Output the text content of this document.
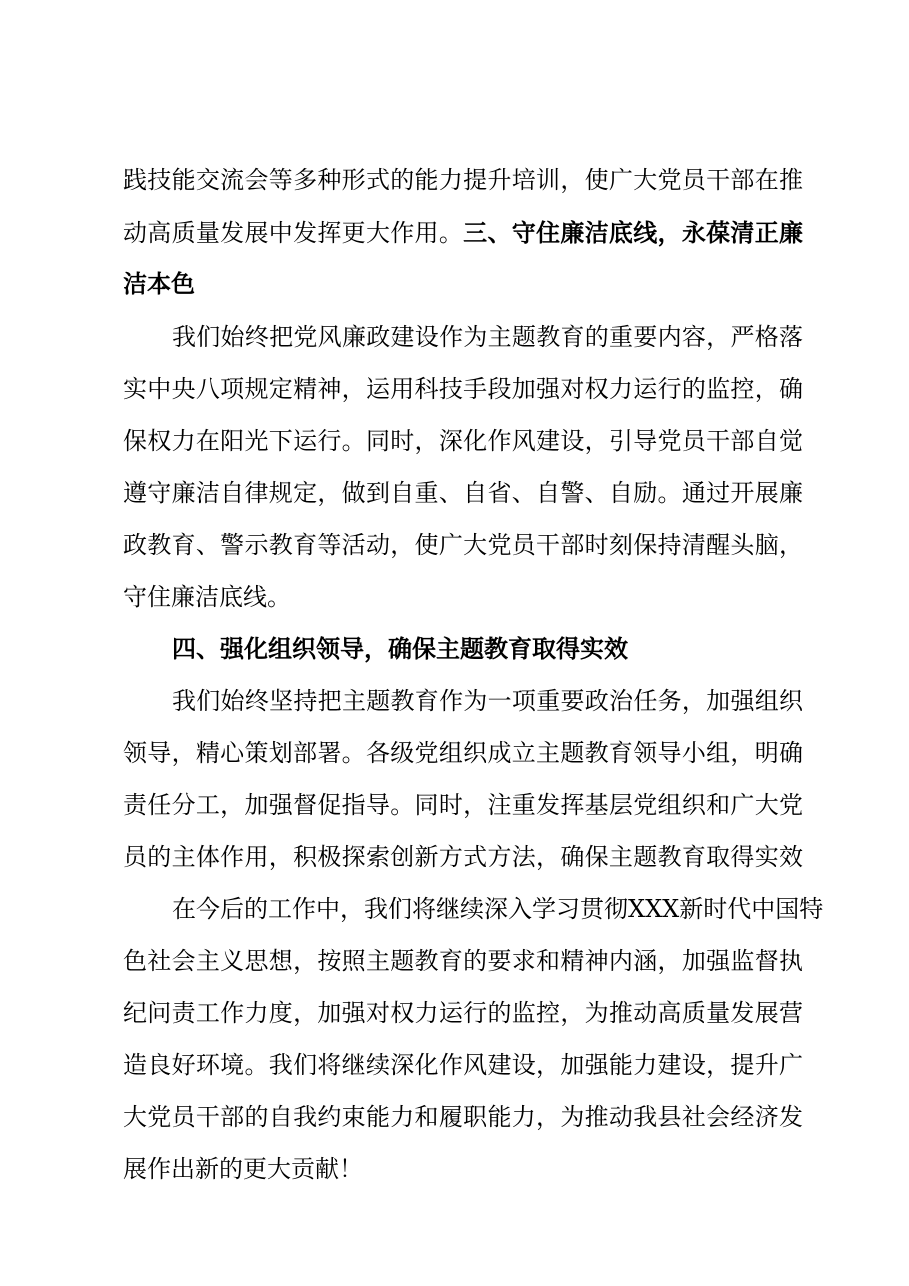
践技能交流会等多种形式的能力提升培训，使广大党员干部在推
动高质量发展中发挥更大作用。三、守住廉洁底线，永葆清正廉
洁本色
我们始终把党风廉政建设作为主题教育的重要内容，严格落
实中央八项规定精神，运用科技手段加强对权力运行的监控，确
保权力在阳光下运行。同时，深化作风建设，引导党员干部自觉
遵守廉洁自律规定，做到自重、自省、自警、自励。通过开展廉
政教育、警示教育等活动，使广大党员干部时刻保持清醒头脑，
守住廉洁底线。
四、强化组织领导，确保主题教育取得实效
我们始终坚持把主题教育作为一项重要政治任务，加强组织
领导，精心策划部署。各级党组织成立主题教育领导小组，明确
责任分工，加强督促指导。同时，注重发挥基层党组织和广大党
员的主体作用，积极探索创新方式方法，确保主题教育取得实效
在今后的工作中，我们将继续深入学习贯彻XXX新时代中国特
色社会主义思想，按照主题教育的要求和精神内涵，加强监督执
纪问责工作力度，加强对权力运行的监控，为推动高质量发展营
造良好环境。我们将继续深化作风建设，加强能力建设，提升广
大党员干部的自我约束能力和履职能力，为推动我县社会经济发
展作出新的更大贡献！
